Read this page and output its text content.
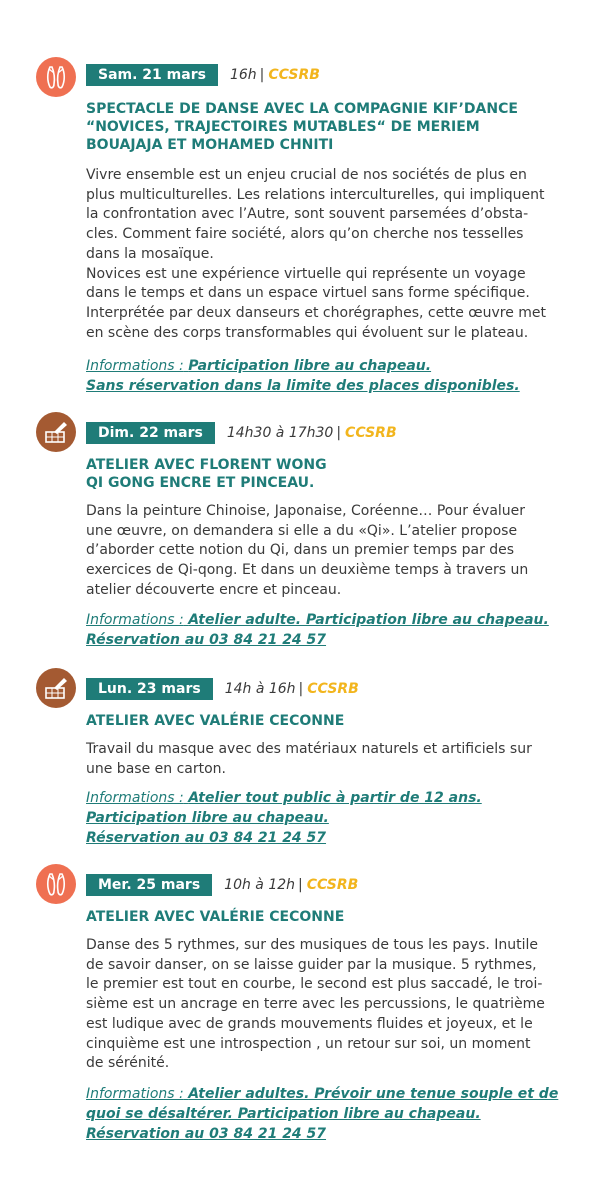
Sam. 21 mars	16h | CCSRB
SPECTACLE DE DANSE AVEC LA COMPAGNIE KIF’DANCE
“NOVICES, TRAJECTOIRES MUTABLES“ DE MERIEM
BOUAJAJA ET MOHAMED CHNITI
Vivre ensemble est un enjeu crucial de nos sociétés de plus en
plus multiculturelles. Les relations interculturelles, qui impliquent
la confrontation avec l’Autre, sont souvent parsemées d’obsta-
cles. Comment faire société, alors qu’on cherche nos tesselles
dans la mosaïque.
Novices est une expérience virtuelle qui représente un voyage
dans le temps et dans un espace virtuel sans forme spécifique.
Interprétée par deux danseurs et chorégraphes, cette œuvre met
en scène des corps transformables qui évoluent sur le plateau.
Informations : Participation libre au chapeau.
Sans réservation dans la limite des places disponibles.
Dim. 22 mars	14h30 à 17h30 | CCSRB
ATELIER AVEC FLORENT WONG
QI GONG ENCRE ET PINCEAU.
Dans la peinture Chinoise, Japonaise, Coréenne… Pour évaluer
une œuvre, on demandera si elle a du «Qi». L’atelier propose
d’aborder cette notion du Qi, dans un premier temps par des
exercices de Qi-qong. Et dans un deuxième temps à travers un
atelier découverte encre et pinceau.
Informations : Atelier adulte. Participation libre au chapeau.
Réservation au 03 84 21 24 57
Lun. 23 mars	14h à 16h | CCSRB
ATELIER AVEC VALÉRIE CECONNE
Travail du masque avec des matériaux naturels et artificiels sur
une base en carton.
Informations : Atelier tout public à partir de 12 ans.
Participation libre au chapeau.
Réservation au 03 84 21 24 57
Mer. 25 mars	10h à 12h | CCSRB
ATELIER AVEC VALÉRIE CECONNE
Danse des 5 rythmes, sur des musiques de tous les pays. Inutile
de savoir danser, on se laisse guider par la musique. 5 rythmes,
le premier est tout en courbe, le second est plus saccadé, le troi-
sième est un ancrage en terre avec les percussions, le quatrième
est ludique avec de grands mouvements fluides et joyeux, et le
cinquième est une introspection , un retour sur soi, un moment
de sérénité.
Informations : Atelier adultes. Prévoir une tenue souple et de
quoi se désaltérer. Participation libre au chapeau.
Réservation au 03 84 21 24 57
